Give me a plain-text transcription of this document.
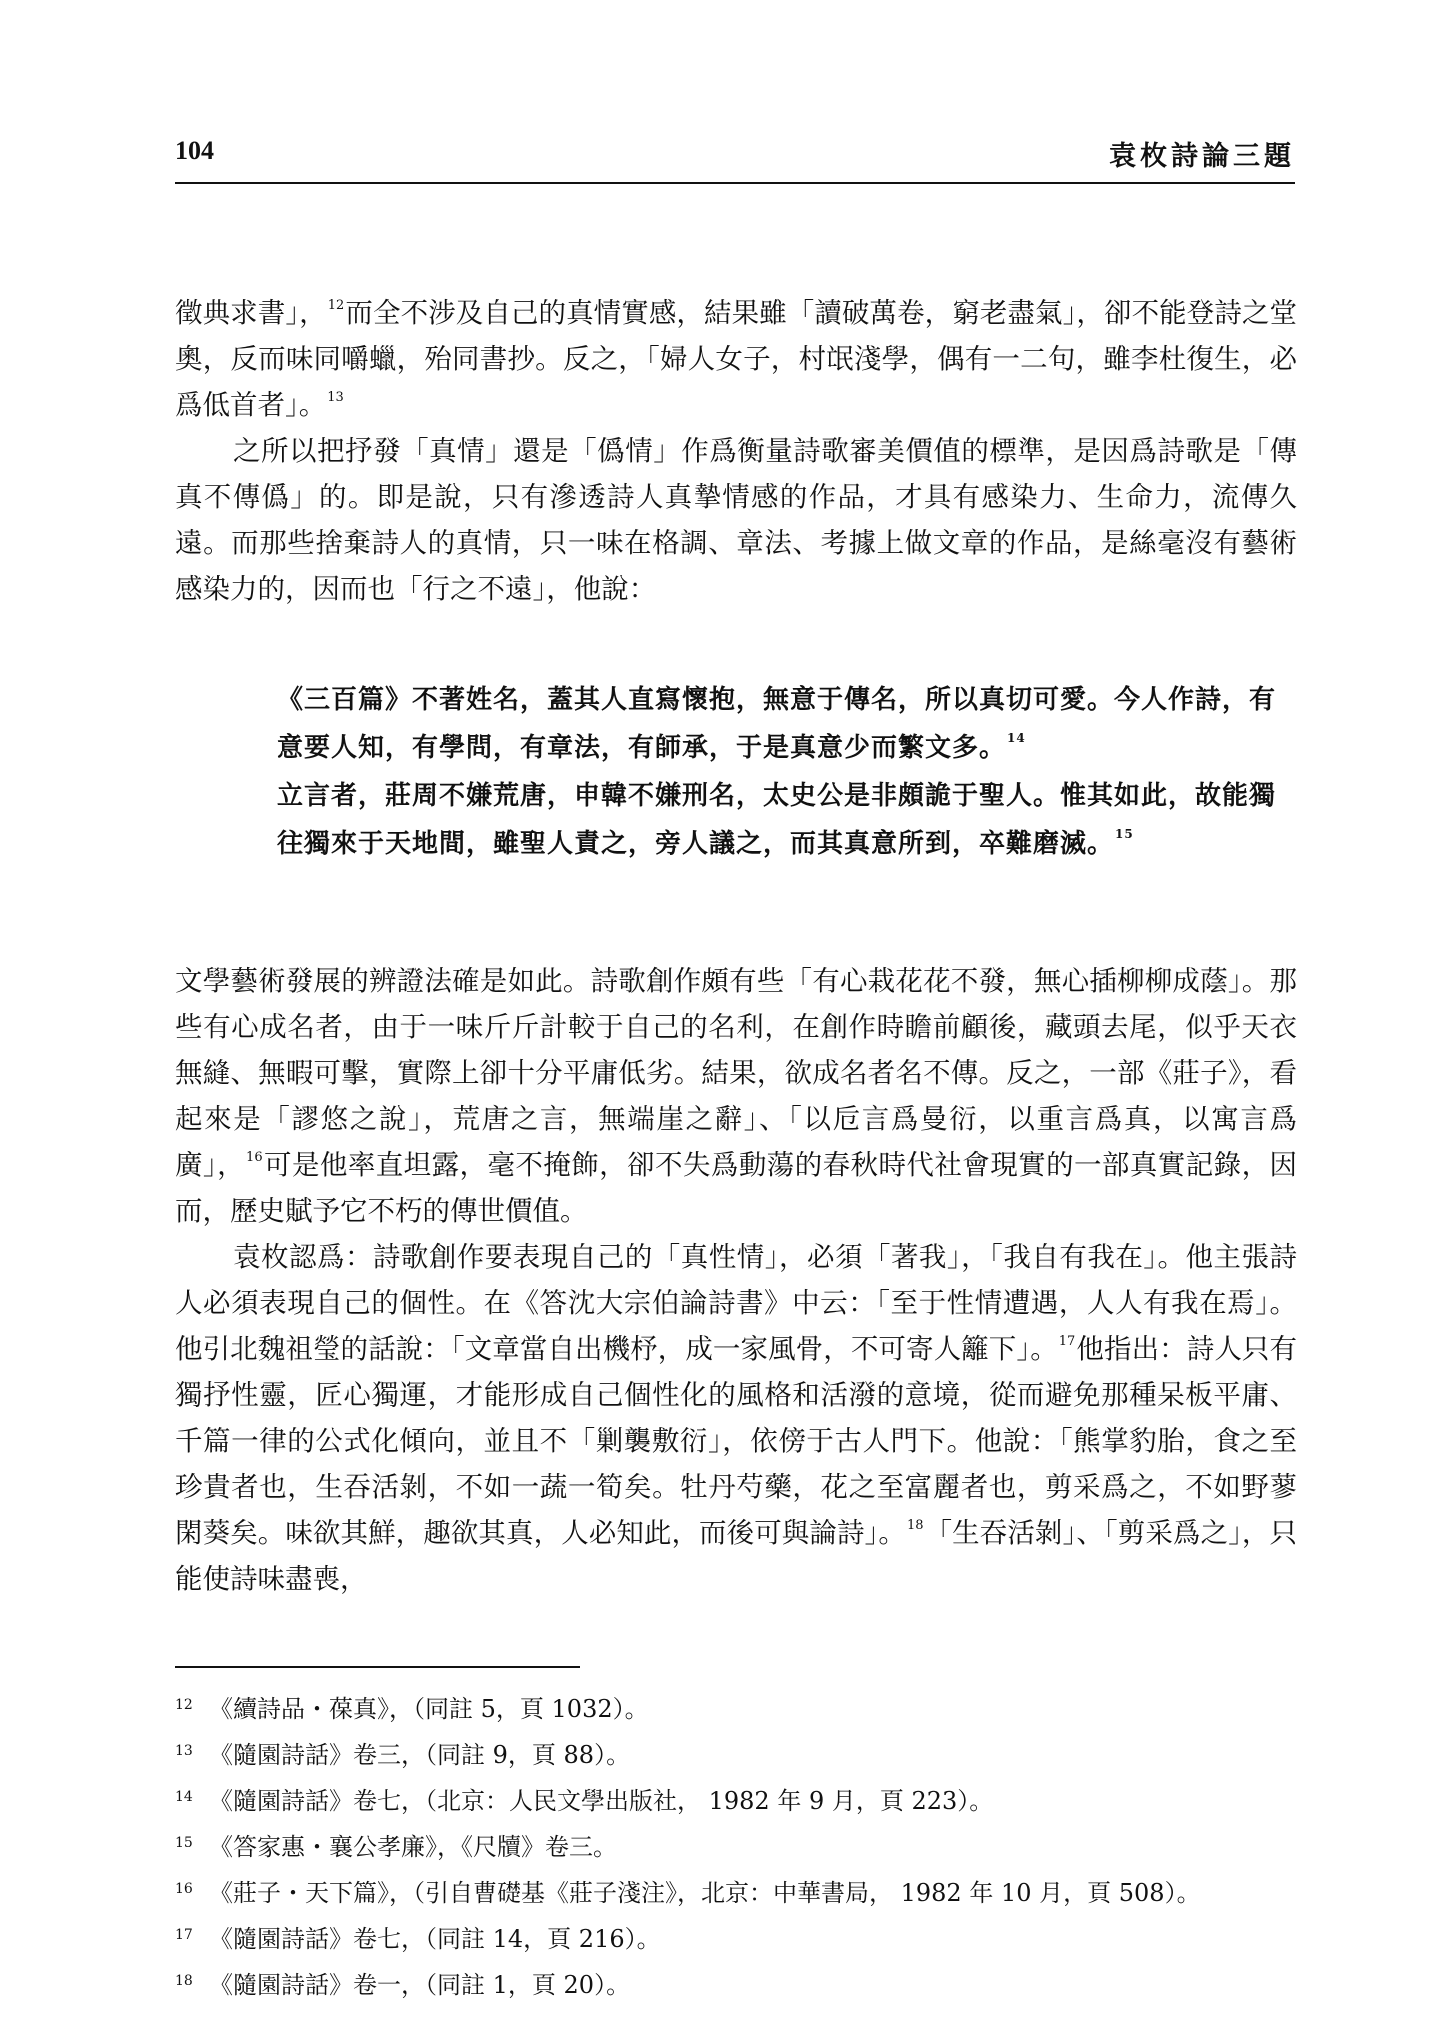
104	袁枚詩論三題

徵典求書」，$^{12}$而全不涉及自己的真情實感，結果雖「讀破萬卷，窮老盡氣」，卻不能登詩之堂奧，反而味同嚼蠟，殆同書抄。反之，「婦人女子，村氓淺學，偶有一二句，雖李杜復生，必爲低首者」。$^{13}$

之所以把抒發「真情」還是「僞情」作爲衡量詩歌審美價值的標準，是因爲詩歌是「傳真不傳僞」的。即是說，只有滲透詩人真摯情感的作品，才具有感染力、生命力，流傳久遠。而那些捨棄詩人的真情，只一味在格調、章法、考據上做文章的作品，是絲毫沒有藝術感染力的，因而也「行之不遠」，他說：

《三百篇》不著姓名，蓋其人直寫懷抱，無意于傳名，所以真切可愛。今人作詩，有意要人知，有學問，有章法，有師承，于是真意少而繁文多。$^{14}$

立言者，莊周不嫌荒唐，申韓不嫌刑名，太史公是非頗詭于聖人。惟其如此，故能獨往獨來于天地間，雖聖人責之，旁人議之，而其真意所到，卒難磨滅。$^{15}$

文學藝術發展的辨證法確是如此。詩歌創作頗有些「有心栽花花不發，無心插柳柳成蔭」。那些有心成名者，由于一味斤斤計較于自己的名利，在創作時瞻前顧後，藏頭去尾，似乎天衣無縫、無暇可擊，實際上卻十分平庸低劣。結果，欲成名者名不傳。反之，一部《莊子》，看起來是「謬悠之說」，荒唐之言，無端崖之辭」、「以卮言爲曼衍，以重言爲真，以寓言爲廣」，$^{16}$可是他率直坦露，毫不掩飾，卻不失爲動蕩的春秋時代社會現實的一部真實記錄，因而，歷史賦予它不朽的傳世價值。

袁枚認爲：詩歌創作要表現自己的「真性情」，必須「著我」，「我自有我在」。他主張詩人必須表現自己的個性。在《答沈大宗伯論詩書》中云：「至于性情遭遇，人人有我在焉」。他引北魏祖瑩的話說：「文章當自出機杼，成一家風骨，不可寄人籬下」。$^{17}$他指出：詩人只有獨抒性靈，匠心獨運，才能形成自己個性化的風格和活潑的意境，從而避免那種呆板平庸、千篇一律的公式化傾向，並且不「剿襲敷衍」，依傍于古人門下。他說：「熊掌豹胎，食之至珍貴者也，生吞活剝，不如一蔬一筍矣。牡丹芍藥，花之至富麗者也，剪采爲之，不如野蓼閑葵矣。味欲其鮮，趣欲其真，人必知此，而後可與論詩」。$^{18}$「生吞活剝」、「剪采爲之」，只能使詩味盡喪，

12 《續詩品・葆真》，（同註 5，頁 1032）。
13 《隨園詩話》卷三，（同註 9，頁 88）。
14 《隨園詩話》卷七，（北京：人民文學出版社， 1982 年 9 月，頁 223）。
15 《答家惠・襄公孝廉》，《尺牘》卷三。
16 《莊子・天下篇》，（引自曹礎基《莊子淺注》，北京：中華書局， 1982 年 10 月，頁 508）。
17 《隨園詩話》卷七，（同註 14，頁 216）。
18 《隨園詩話》卷一，（同註 1，頁 20）。
